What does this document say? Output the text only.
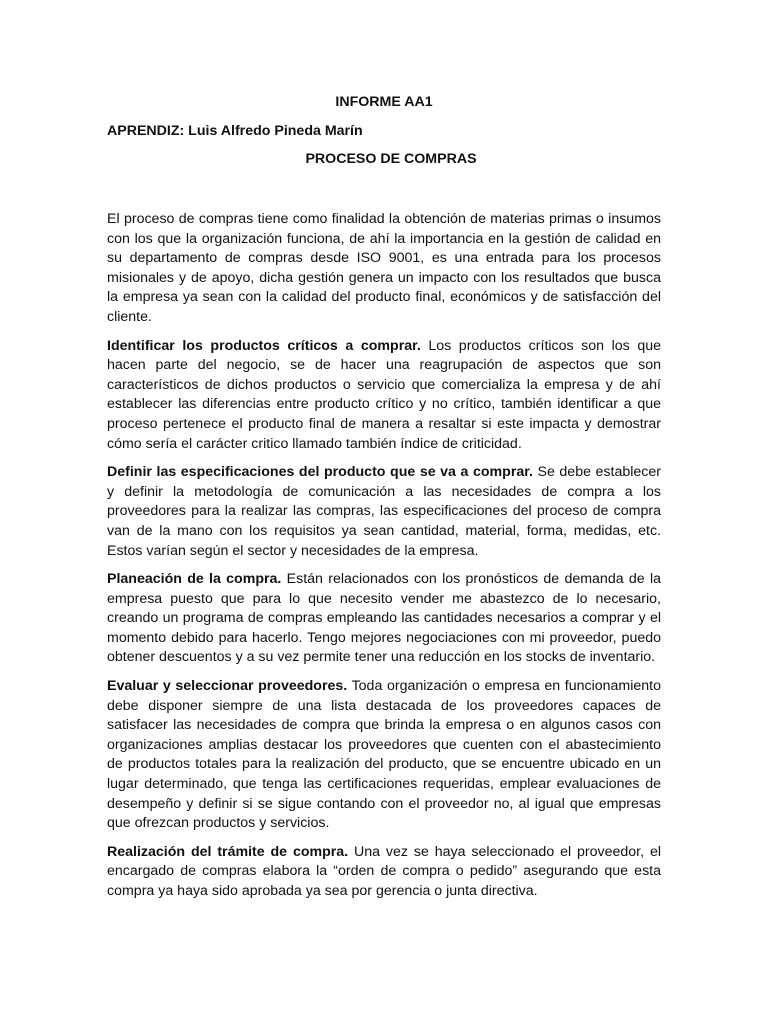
INFORME AA1

APRENDIZ: Luis Alfredo Pineda Marín

PROCESO DE COMPRAS

El proceso de compras tiene como finalidad la obtención de materias primas o insumos con los que la organización funciona, de ahí la importancia en la gestión de calidad en su departamento de compras desde ISO 9001, es una entrada para los procesos misionales y de apoyo, dicha gestión genera un impacto con los resultados que busca la empresa ya sean con la calidad del producto final, económicos y de satisfacción del cliente.

Identificar los productos críticos a comprar. Los productos críticos son los que hacen parte del negocio, se de hacer una reagrupación de aspectos que son característicos de dichos productos o servicio que comercializa la empresa y de ahí establecer las diferencias entre producto crítico y no crítico, también identificar a que proceso pertenece el producto final de manera a resaltar si este impacta y demostrar cómo sería el carácter critico llamado también índice de criticidad.

Definir las especificaciones del producto que se va a comprar. Se debe establecer y definir la metodología de comunicación a las necesidades de compra a los proveedores para la realizar las compras, las especificaciones del proceso de compra van de la mano con los requisitos ya sean cantidad, material, forma, medidas, etc. Estos varían según el sector y necesidades de la empresa.

Planeación de la compra. Están relacionados con los pronósticos de demanda de la empresa puesto que para lo que necesito vender me abastezco de lo necesario, creando un programa de compras empleando las cantidades necesarios a comprar y el momento debido para hacerlo. Tengo mejores negociaciones con mi proveedor, puedo obtener descuentos y a su vez permite tener una reducción en los stocks de inventario.

Evaluar y seleccionar proveedores. Toda organización o empresa en funcionamiento debe disponer siempre de una lista destacada de los proveedores capaces de satisfacer las necesidades de compra que brinda la empresa o en algunos casos con organizaciones amplias destacar los proveedores que cuenten con el abastecimiento de productos totales para la realización del producto, que se encuentre ubicado en un lugar determinado, que tenga las certificaciones requeridas, emplear evaluaciones de desempeño y definir si se sigue contando con el proveedor no, al igual que empresas que ofrezcan productos y servicios.

Realización del trámite de compra. Una vez se haya seleccionado el proveedor, el encargado de compras elabora la “orden de compra o pedido” asegurando que esta compra ya haya sido aprobada ya sea por gerencia o junta directiva.
